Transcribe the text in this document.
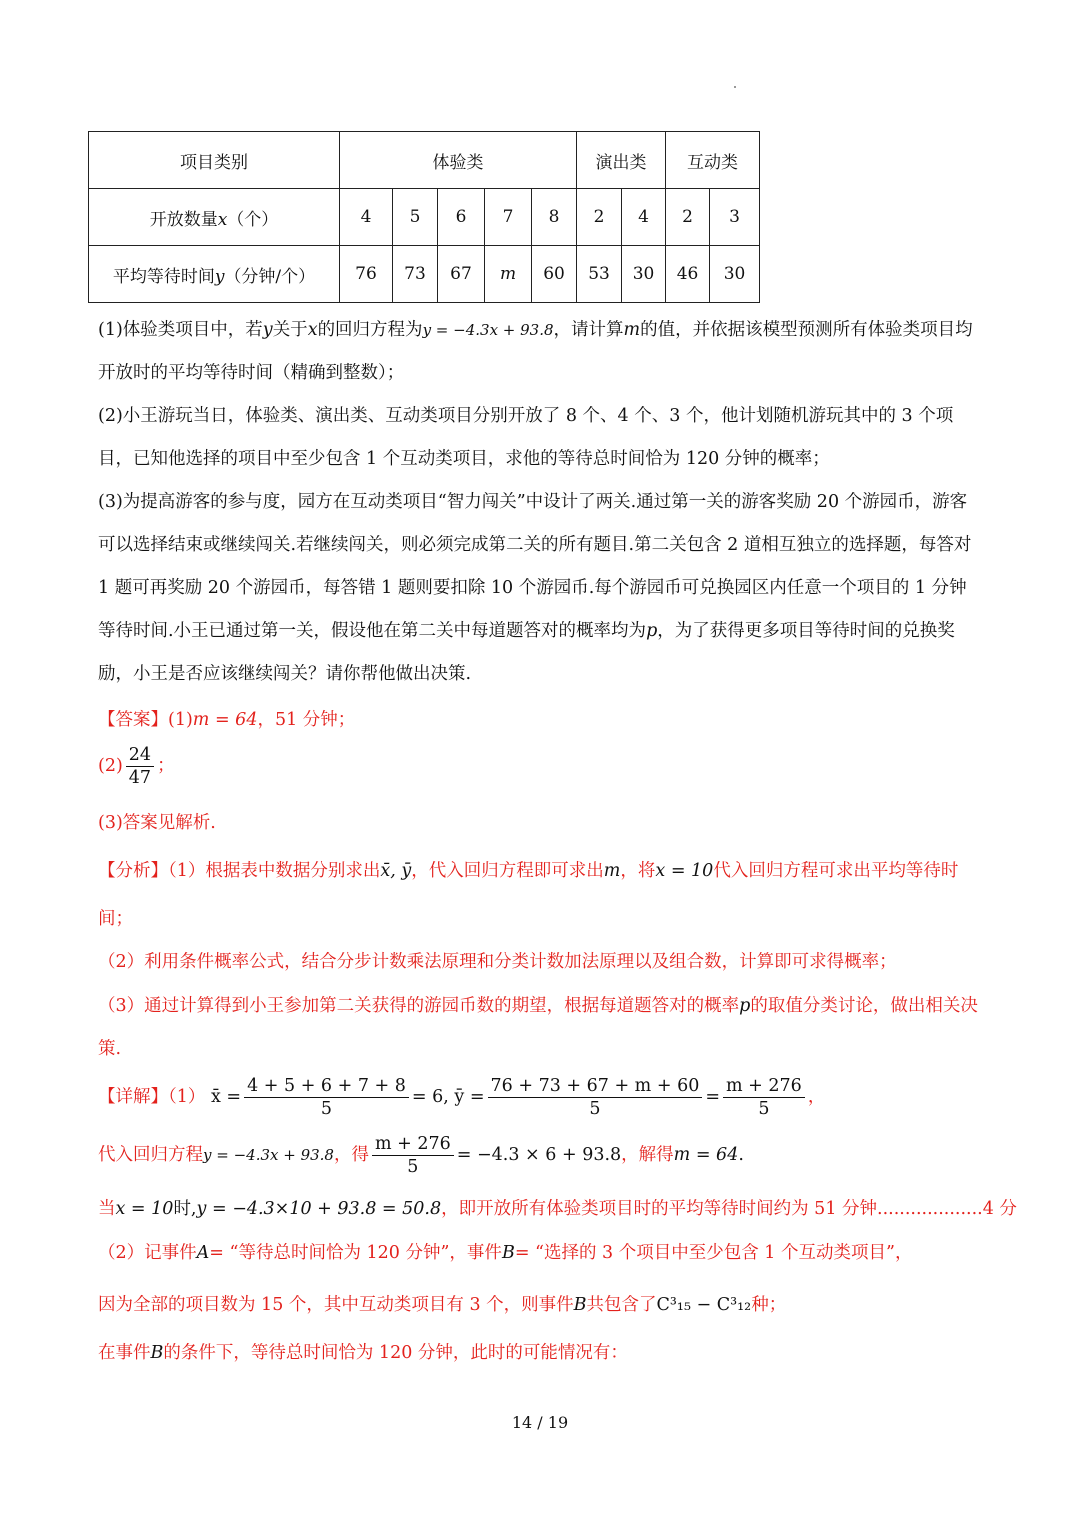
项目类别	体验类					演出类		互动类	
开放数量x（个）	4	5	6	7	8	2	4	2	3
平均等待时间y（分钟/个）	76	73	67	m	60	53	30	46	30
(1)体验类项目中，若y关于x的回归方程为y = −4.3x + 93.8，请计算m的值，并依据该模型预测所有体验类项目均开放时的平均等待时间（精确到整数）；
(2)小王游玩当日，体验类、演出类、互动类项目分别开放了 8 个、4 个、3 个，他计划随机游玩其中的 3 个项目，已知他选择的项目中至少包含 1 个互动类项目，求他的等待总时间恰为 120 分钟的概率；
(3)为提高游客的参与度，园方在互动类项目“智力闯关”中设计了两关.通过第一关的游客奖励 20 个游园币，游客可以选择结束或继续闯关.若继续闯关，则必须完成第二关的所有题目.第二关包含 2 道相互独立的选择题，每答对 1 题可再奖励 20 个游园币，每答错 1 题则要扣除 10 个游园币.每个游园币可兑换园区内任意一个项目的 1 分钟等待时间.小王已通过第一关，假设他在第二关中每道题答对的概率均为p，为了获得更多项目等待时间的兑换奖励，小王是否应该继续闯关？请你帮他做出决策.
【答案】(1)m = 64，51 分钟；
$(2) \frac{24}{47}$ ；
(3)答案见解析.
【分析】（1）根据表中数据分别求出x̄, ȳ，代入回归方程即可求出m，将x = 10代入回归方程可求出平均等待时间；
（2）利用条件概率公式，结合分步计数乘法原理和分类计数加法原理以及组合数，计算即可求得概率；
（3）通过计算得到小王参加第二关获得的游园币数的期望，根据每道题答对的概率p的取值分类讨论，做出相关决策.
【详解】（1） x̄ = $\frac{4 + 5 + 6 + 7 + 8}{5} = 6$, ȳ = $\frac{76 + 73 + 67 + m + 60}{5} = \frac{m + 276}{5}$ ，
代入回归方程y = −4.3x + 93.8，得 $\frac{m + 276}{5} = -4.3 \times 6 + 93.8$，解得m = 64.
当x = 10时,y = −4.3×10 + 93.8 = 50.8，即开放所有体验类项目时的平均等待时间约为 51 分钟...................4 分
（2）记事件A= “等待总时间恰为 120 分钟”，事件B= “选择的 3 个项目中至少包含 1 个互动类项目”，
因为全部的项目数为 15 个，其中互动类项目有 3 个，则事件B共包含了C³₁₅ − C³₁₂种；
在事件B的条件下，等待总时间恰为 120 分钟，此时的可能情况有：
14 / 19
